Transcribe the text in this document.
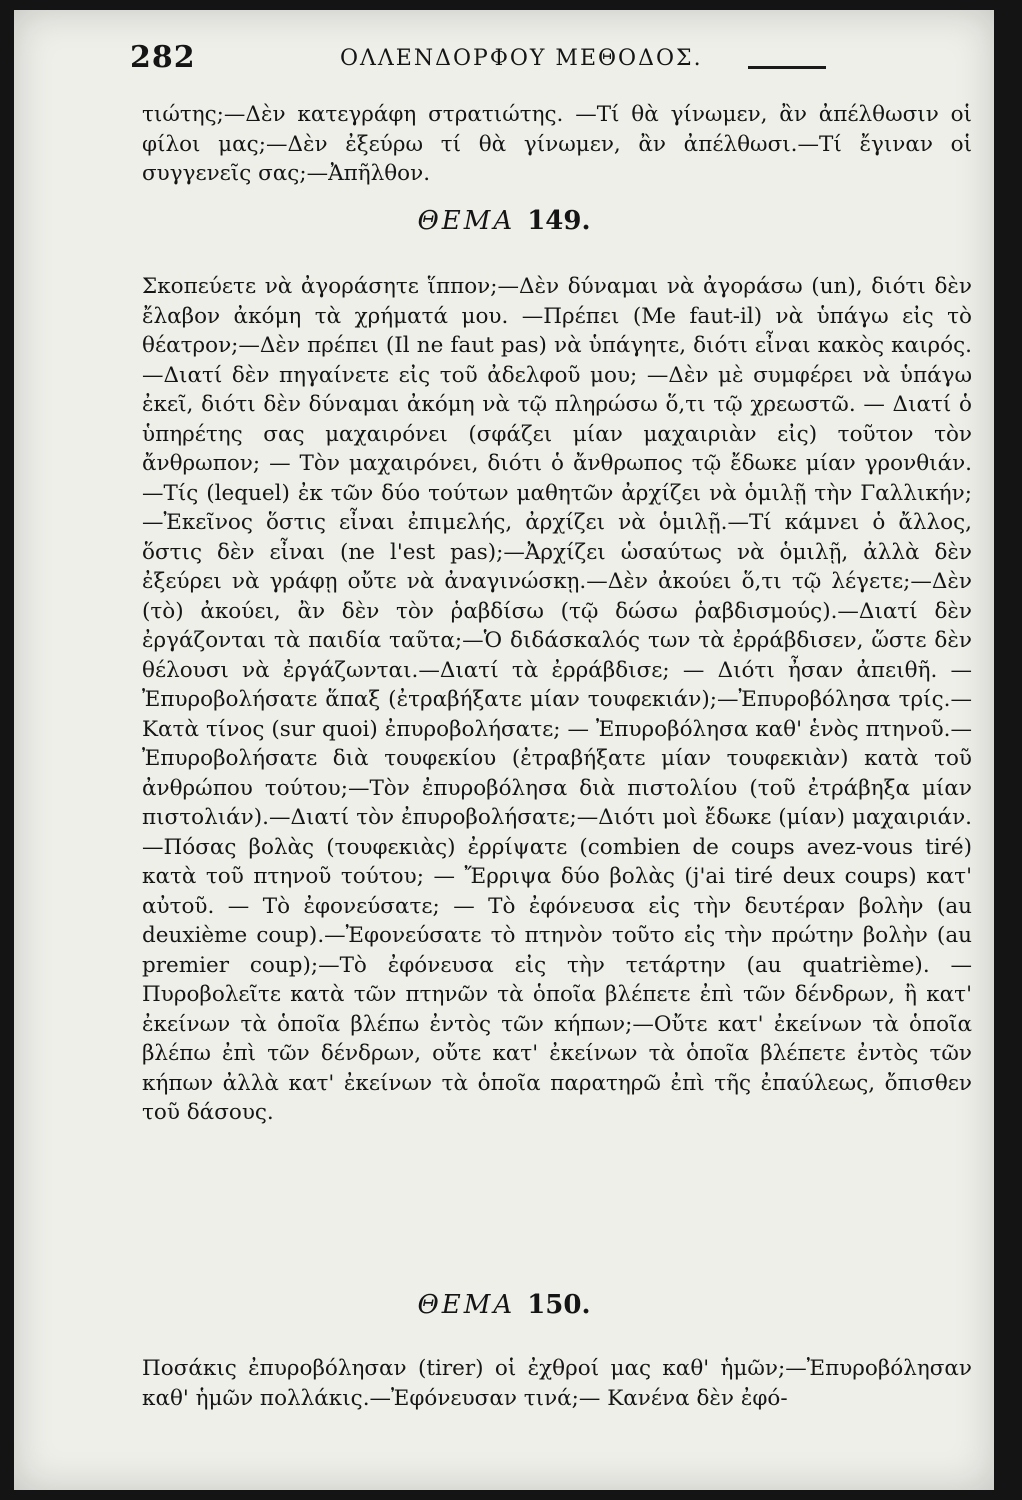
282	ΟΛΛΕΝΔΟΡΦΟΥ ΜΕΘΟΔΟΣ.

τιώτης;—Δὲν κατεγράφη στρατιώτης. —Τί θὰ γίνωμεν, ἂν ἀπέλθωσιν οἱ φίλοι μας;—Δὲν ἐξεύρω τί θὰ γίνωμεν, ἂν ἀπέλθωσι.—Τί ἔγιναν οἱ συγγενεῖς σας;—Ἀπῆλθον.

ΘΕΜΑ 149.

Σκοπεύετε νὰ ἀγοράσητε ἵππον;—Δὲν δύναμαι νὰ ἀγοράσω (un), διότι δὲν ἔλαβον ἀκόμη τὰ χρήματά μου. —Πρέπει (Me faut-il) νὰ ὑπάγω εἰς τὸ θέατρον;—Δὲν πρέπει (Il ne faut pas) νὰ ὑπάγητε, διότι εἶναι κακὸς καιρός.—Διατί δὲν πηγαίνετε εἰς τοῦ ἀδελφοῦ μου; —Δὲν μὲ συμφέρει νὰ ὑπάγω ἐκεῖ, διότι δὲν δύναμαι ἀκόμη νὰ τῷ πληρώσω ὅ,τι τῷ χρεωστῶ. — Διατί ὁ ὑπηρέτης σας μαχαιρόνει (σφάζει μίαν μαχαιριὰν εἰς) τοῦτον τὸν ἄνθρωπον; — Τὸν μαχαιρόνει, διότι ὁ ἄνθρωπος τῷ ἔδωκε μίαν γρονθιάν.—Τίς (lequel) ἐκ τῶν δύο τούτων μαθητῶν ἀρχίζει νὰ ὁμιλῇ τὴν Γαλλικήν;—Ἐκεῖνος ὅστις εἶναι ἐπιμελής, ἀρχίζει νὰ ὁμιλῇ.—Τί κάμνει ὁ ἄλλος, ὅστις δὲν εἶναι (ne l'est pas);—Ἀρχίζει ὡσαύτως νὰ ὁμιλῇ, ἀλλὰ δὲν ἐξεύρει νὰ γράφῃ οὔτε νὰ ἀναγινώσκῃ.—Δὲν ἀκούει ὅ,τι τῷ λέγετε;—Δὲν (τὸ) ἀκούει, ἂν δὲν τὸν ῥαβδίσω (τῷ δώσω ῥαβδισμούς).—Διατί δὲν ἐργάζονται τὰ παιδία ταῦτα;—Ὁ διδάσκαλός των τὰ ἐρράβδισεν, ὥστε δὲν θέλουσι νὰ ἐργάζωνται.—Διατί τὰ ἐρράβδισε; — Διότι ἦσαν ἀπειθῆ. —Ἐπυροβολήσατε ἅπαξ (ἐτραβήξατε μίαν τουφεκιάν);—Ἐπυροβόλησα τρίς.— Κατὰ τίνος (sur quoi) ἐπυροβολήσατε; — Ἐπυροβόλησα καθ' ἑνὸς πτηνοῦ.—Ἐπυροβολήσατε διὰ τουφεκίου (ἐτραβήξατε μίαν τουφεκιὰν) κατὰ τοῦ ἀνθρώπου τούτου;—Τὸν ἐπυροβόλησα διὰ πιστολίου (τοῦ ἐτράβηξα μίαν πιστολιάν).—Διατί τὸν ἐπυροβολήσατε;—Διότι μοὶ ἔδωκε (μίαν) μαχαιριάν.—Πόσας βολὰς (τουφεκιὰς) ἐρρίψατε (combien de coups avez-vous tiré) κατὰ τοῦ πτηνοῦ τούτου; — Ἔρριψα δύο βολὰς (j'ai tiré deux coups) κατ' αὐτοῦ. — Τὸ ἐφονεύσατε; — Τὸ ἐφόνευσα εἰς τὴν δευτέραν βολὴν (au deuxième coup).—Ἐφονεύσατε τὸ πτηνὸν τοῦτο εἰς τὴν πρώτην βολὴν (au premier coup);—Τὸ ἐφόνευσα εἰς τὴν τετάρτην (au quatrième). — Πυροβολεῖτε κατὰ τῶν πτηνῶν τὰ ὁποῖα βλέπετε ἐπὶ τῶν δένδρων, ἢ κατ' ἐκείνων τὰ ὁποῖα βλέπω ἐντὸς τῶν κήπων;—Οὔτε κατ' ἐκείνων τὰ ὁποῖα βλέπω ἐπὶ τῶν δένδρων, οὔτε κατ' ἐκείνων τὰ ὁποῖα βλέπετε ἐντὸς τῶν κήπων ἀλλὰ κατ' ἐκείνων τὰ ὁποῖα παρατηρῶ ἐπὶ τῆς ἐπαύλεως, ὄπισθεν τοῦ δάσους.

ΘΕΜΑ 150.

Ποσάκις ἐπυροβόλησαν (tirer) οἱ ἐχθροί μας καθ' ἡμῶν;—Ἐπυροβόλησαν καθ' ἡμῶν πολλάκις.—Ἐφόνευσαν τινά;— Κανένα δὲν ἐφό-
